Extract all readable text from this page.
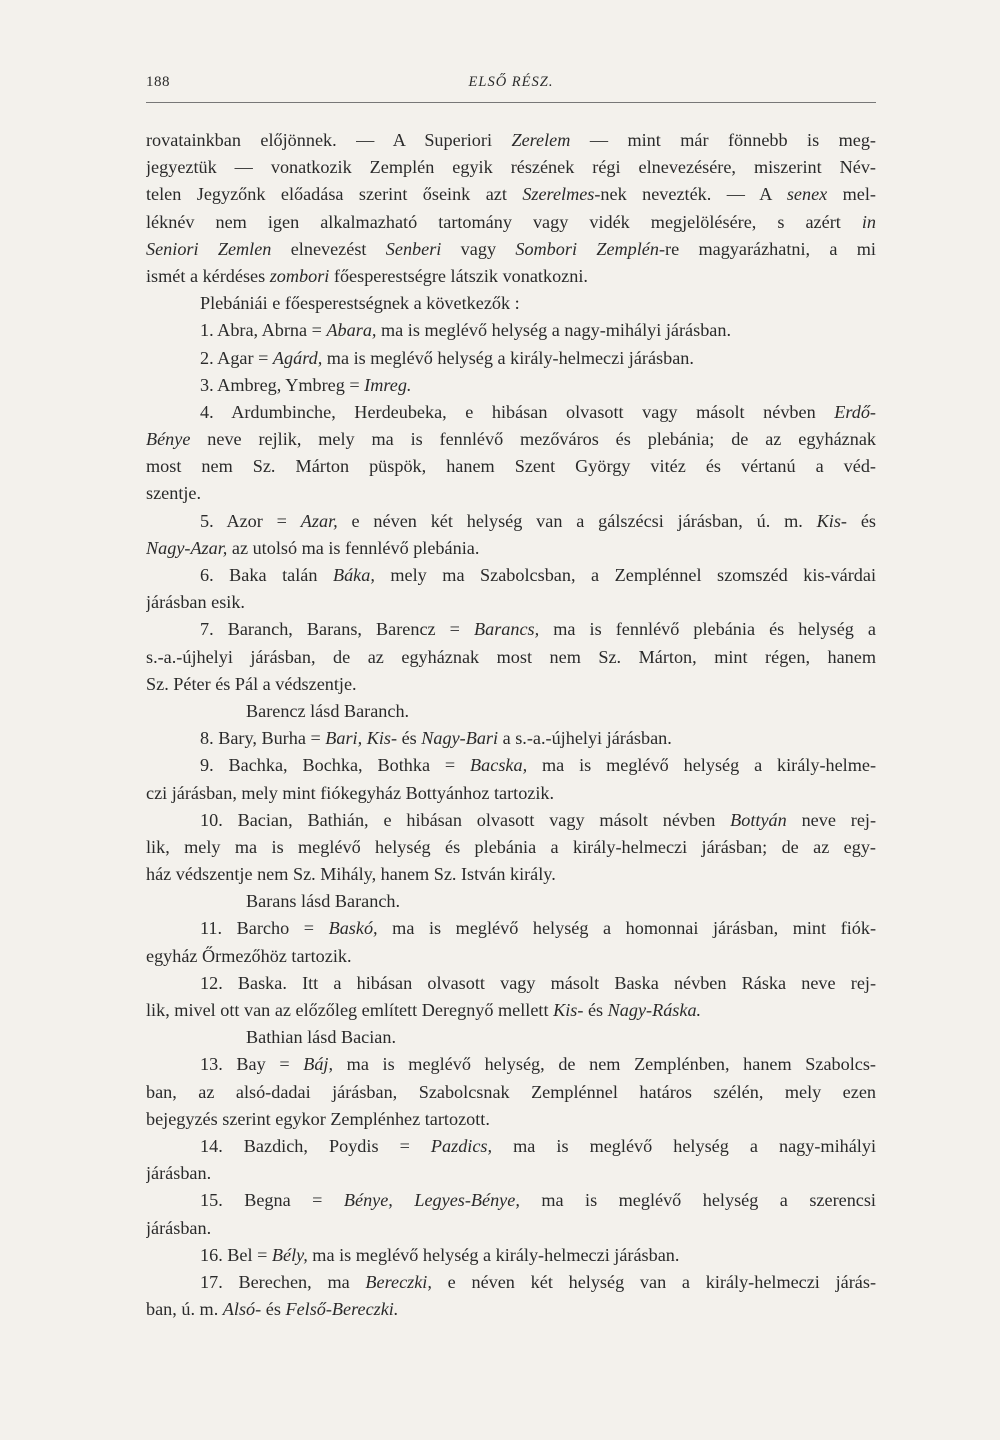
188	ELSŐ RÉSZ.
rovatainkban előjönnek. — A Superiori Zerelem — mint már fönnebb is meg-
jegyeztük — vonatkozik Zemplén egyik részének régi elnevezésére, miszerint Név-
telen Jegyzőnk előadása szerint őseink azt Szerelmes-nek nevezték. — A senex mel-
léknév nem igen alkalmazható tartomány vagy vidék megjelölésére, s azért in
Seniori Zemlen elnevezést Senberi vagy Sombori Zemplén-re magyarázhatni, a mi
ismét a kérdéses zombori főesperestségre látszik vonatkozni.
Plebániái e főesperestségnek a következők :
1. Abra, Abrna = Abara, ma is meglévő helység a nagy-mihályi járásban.
2. Agar = Agárd, ma is meglévő helység a király-helmeczi járásban.
3. Ambreg, Ymbreg = Imreg.
4. Ardumbinche, Herdeubeka, e hibásan olvasott vagy másolt névben Erdő-
Bénye neve rejlik, mely ma is fennlévő mezőváros és plebánia; de az egyháznak
most nem Sz. Márton püspök, hanem Szent György vitéz és vértanú a véd-
szentje.
5. Azor = Azar, e néven két helység van a gálszécsi járásban, ú. m. Kis- és
Nagy-Azar, az utolsó ma is fennlévő plebánia.
6. Baka talán Báka, mely ma Szabolcsban, a Zemplénnel szomszéd kis-várdai
járásban esik.
7. Baranch, Barans, Barencz = Barancs, ma is fennlévő plebánia és helység a
s.-a.-újhelyi járásban, de az egyháznak most nem Sz. Márton, mint régen, hanem
Sz. Péter és Pál a védszentje.
Barencz lásd Baranch.
8. Bary, Burha = Bari, Kis- és Nagy-Bari a s.-a.-újhelyi járásban.
9. Bachka, Bochka, Bothka = Bacska, ma is meglévő helység a király-helme-
czi járásban, mely mint fiókegyház Bottyánhoz tartozik.
10. Bacian, Bathián, e hibásan olvasott vagy másolt névben Bottyán neve rej-
lik, mely ma is meglévő helység és plebánia a király-helmeczi járásban; de az egy-
ház védszentje nem Sz. Mihály, hanem Sz. István király.
Barans lásd Baranch.
11. Barcho = Baskó, ma is meglévő helység a homonnai járásban, mint fiók-
egyház Őrmezőhöz tartozik.
12. Baska. Itt a hibásan olvasott vagy másolt Baska névben Ráska neve rej-
lik, mivel ott van az előzőleg említett Deregnyő mellett Kis- és Nagy-Ráska.
Bathian lásd Bacian.
13. Bay = Báj, ma is meglévő helység, de nem Zemplénben, hanem Szabolcs-
ban, az alsó-dadai járásban, Szabolcsnak Zemplénnel határos szélén, mely ezen
bejegyzés szerint egykor Zemplénhez tartozott.
14. Bazdich, Poydis = Pazdics, ma is meglévő helység a nagy-mihályi
járásban.
15. Begna = Bénye, Legyes-Bénye, ma is meglévő helység a szerencsi
járásban.
16. Bel = Bély, ma is meglévő helység a király-helmeczi járásban.
17. Berechen, ma Bereczki, e néven két helység van a király-helmeczi járás-
ban, ú. m. Alsó- és Felső-Bereczki.
